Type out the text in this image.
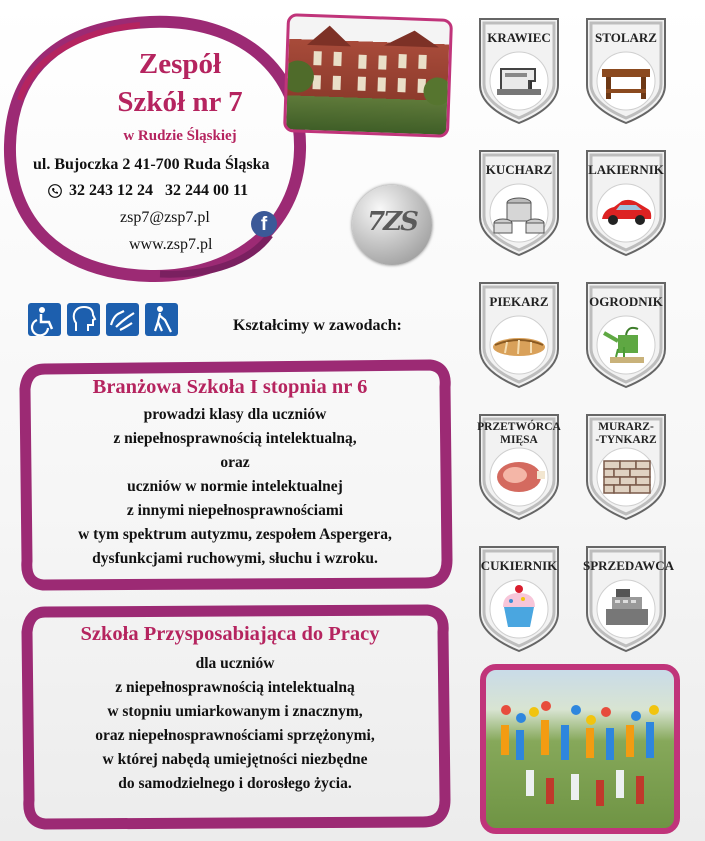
Zespół
Szkół nr 7
w Rudzie Śląskiej
ul. Bujoczka 2 41-700 Ruda Śląska
32 243 12 24   32 244 00 11
zsp7@zsp7.pl
www.zsp7.pl
f	7ZS
Kształcimy w zawodach:
Branżowa Szkoła I stopnia nr 6
prowadzi klasy dla uczniów
z niepełnosprawnością intelektualną,
oraz
uczniów w normie intelektualnej
z innymi niepełnosprawnościami
w tym spektrum autyzmu, zespołem Aspergera,
dysfunkcjami ruchowymi, słuchu i wzroku.
Szkoła Przysposabiająca do Pracy
dla uczniów
z niepełnosprawnością intelektualną
w stopniu umiarkowanym i znacznym,
oraz niepełnosprawnościami sprzężonymi,
w której nabędą umiejętności niezbędne
do samodzielnego i dorosłego życia.
KRAWIEC	STOLARZ
KUCHARZ	LAKIERNIK
PIEKARZ	OGRODNIK
PRZETWÓRCA
MIĘSA
MURARZ-
-TYNKARZ
CUKIERNIK	SPRZEDAWCA
